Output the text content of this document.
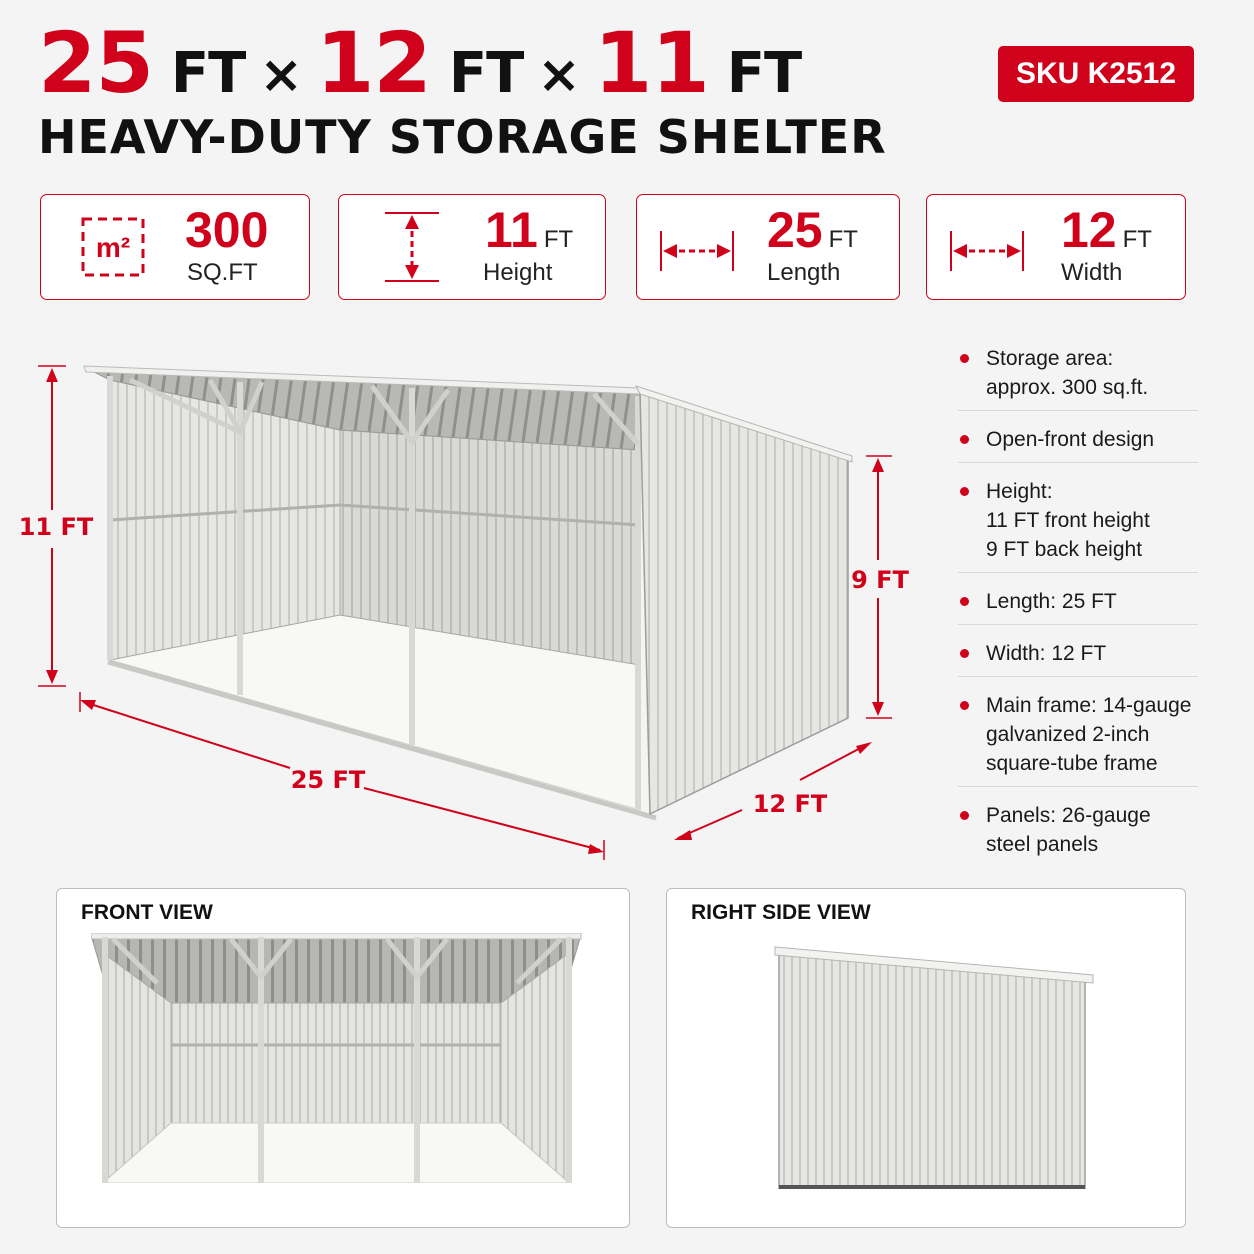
25 FT × 12 FT × 11 FT
HEAVY-DUTY STORAGE SHELTER
SKU K2512
m² 300
SQ.FT
11 FT
Height
25 FT
Length
12 FT
Width
11 FT
9 FT
25 FT
12 FT
Storage area:
approx. 300 sq.ft.
Open-front design
Height:
11 FT front height
9 FT back height
Length: 25 FT
Width: 12 FT
Main frame: 14-gauge
galvanized 2-inch
square-tube frame
Panels: 26-gauge
steel panels
FRONT VIEW	RIGHT SIDE VIEW
